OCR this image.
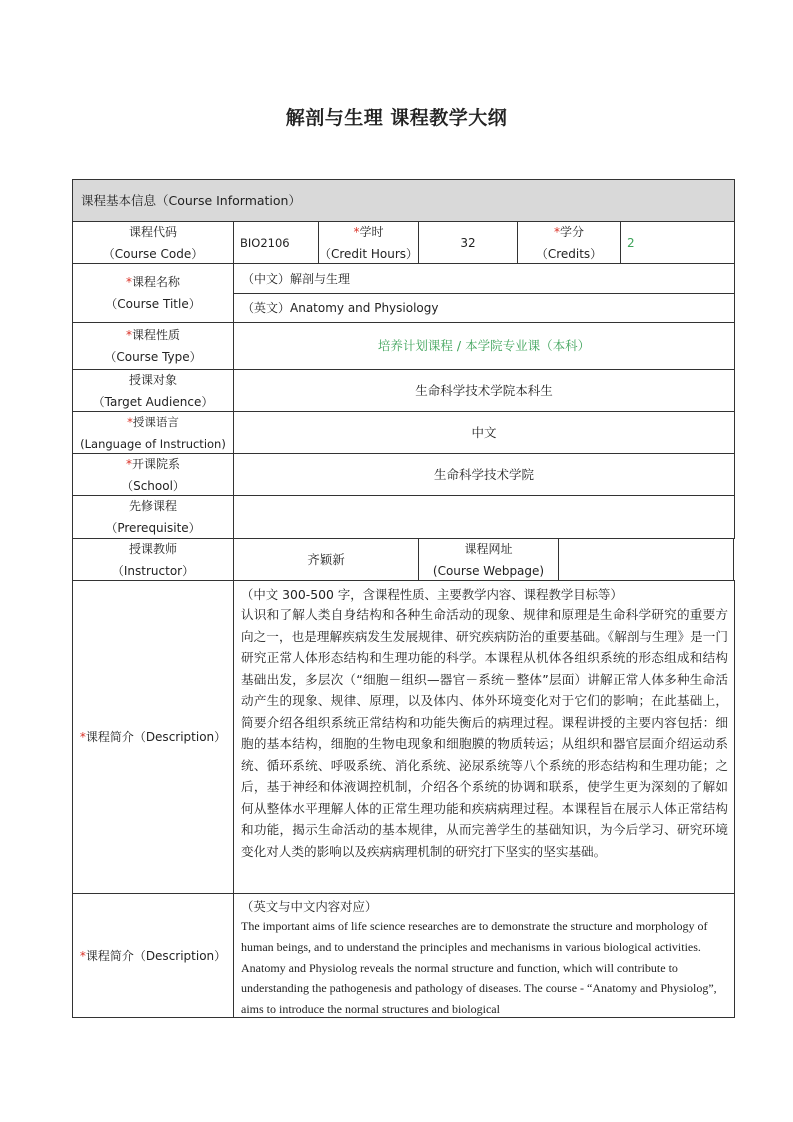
解剖与生理 课程教学大纲
课程基本信息（Course Information）
课程代码
（Course Code）
BIO2106
*学时
（Credit Hours）
32
*学分
（Credits）
2
*课程名称
（Course Title）
（中文）解剖与生理
（英文）Anatomy and Physiology
*课程性质
（Course Type）
培养计划课程 / 本学院专业课（本科）
授课对象
（Target Audience）
生命科学技术学院本科生
*授课语言
(Language of Instruction)
中文
*开课院系
（School）
生命科学技术学院
先修课程
（Prerequisite）
授课教师
（Instructor）
齐颖新
课程网址
(Course Webpage)
*课程简介（Description）
（中文 300-500 字，含课程性质、主要教学内容、课程教学目标等）
认识和了解人类自身结构和各种生命活动的现象、规律和原理是生命科学研究的重要方向之一，也是理解疾病发生发展规律、研究疾病防治的重要基础。《解剖与生理》是一门研究正常人体形态结构和生理功能的科学。本课程从机体各组织系统的形态组成和结构基础出发，多层次（“细胞－组织—器官－系统－整体”层面）讲解正常人体多种生命活动产生的现象、规律、原理，以及体内、体外环境变化对于它们的影响；在此基础上，简要介绍各组织系统正常结构和功能失衡后的病理过程。课程讲授的主要内容包括：细胞的基本结构，细胞的生物电现象和细胞膜的物质转运；从组织和器官层面介绍运动系统、循环系统、呼吸系统、消化系统、泌尿系统等八个系统的形态结构和生理功能；之后，基于神经和体液调控机制，介绍各个系统的协调和联系，使学生更为深刻的了解如何从整体水平理解人体的正常生理功能和疾病病理过程。本课程旨在展示人体正常结构和功能，揭示生命活动的基本规律，从而完善学生的基础知识，为今后学习、研究环境变化对人类的影响以及疾病病理机制的研究打下坚实的坚实基础。
*课程简介（Description）
（英文与中文内容对应）
The important aims of life science researches are to demonstrate the structure and morphology of human beings, and to understand the principles and mechanisms in various biological activities. Anatomy and Physiolog reveals the normal structure and function, which will contribute to understanding the pathogenesis and pathology of diseases. The course - “Anatomy and Physiolog”, aims to introduce the normal structures and biological
